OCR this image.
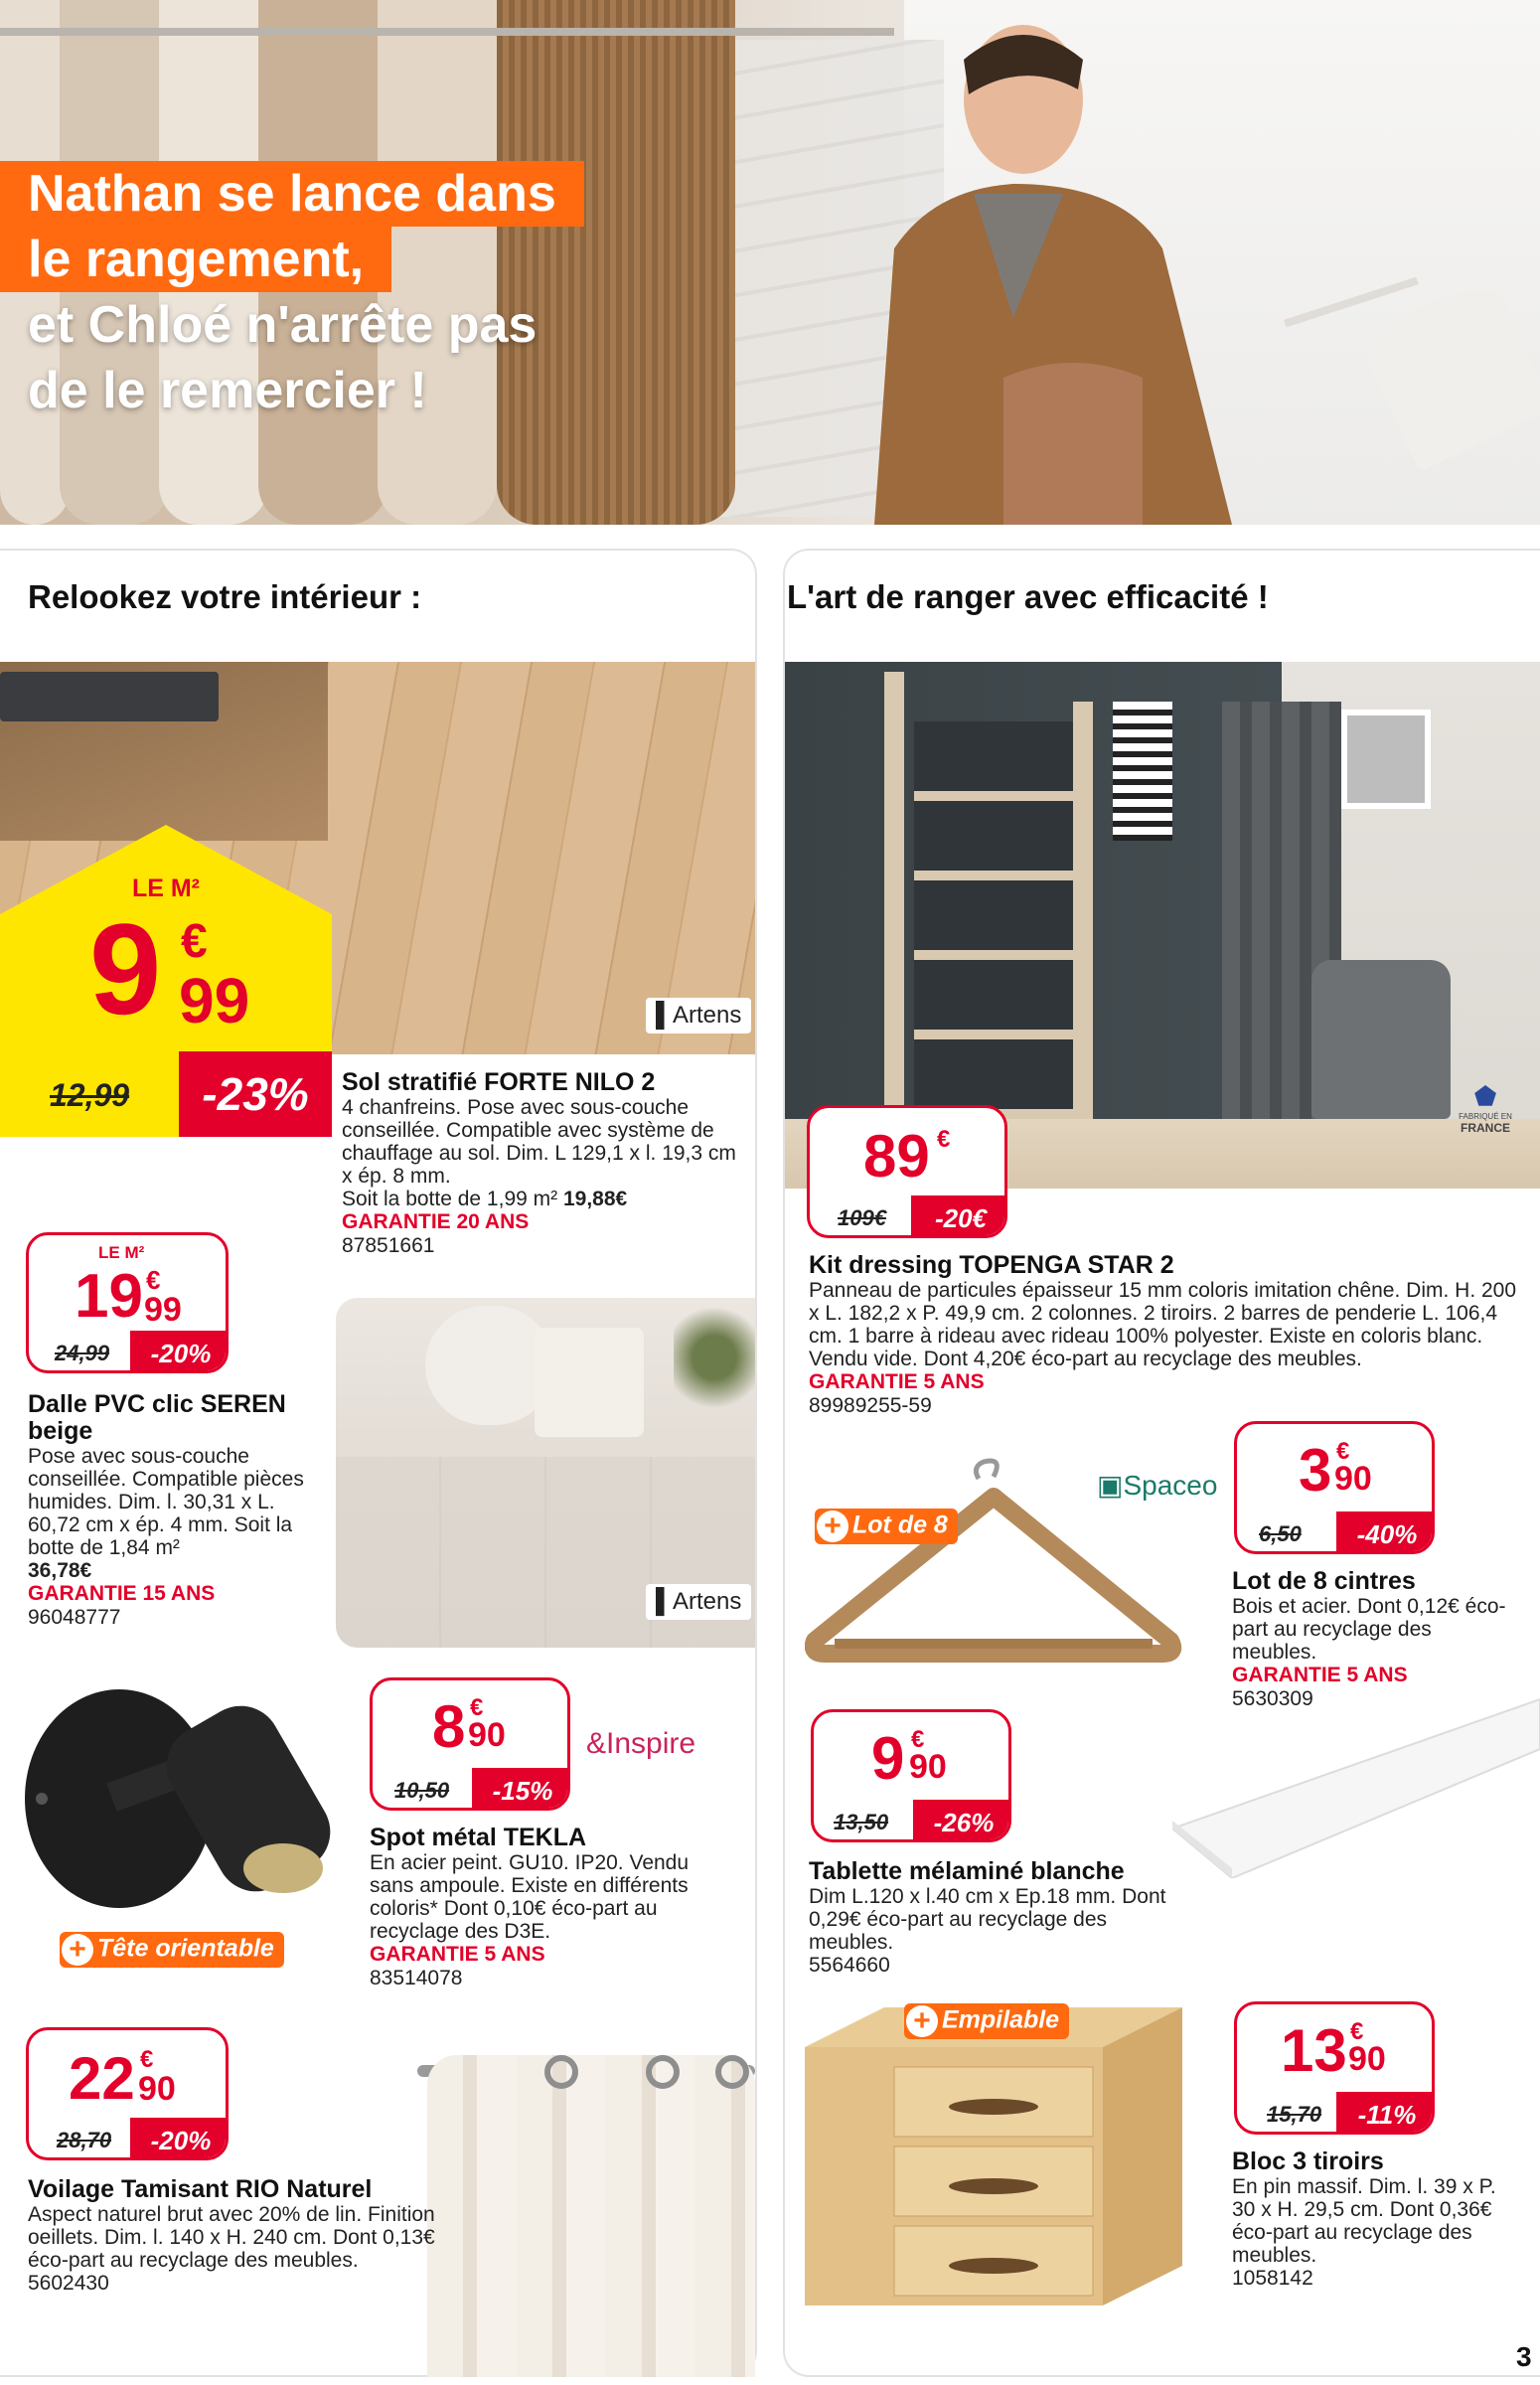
Nathan se lance dans
le rangement,
et Chloé n'arrête pas
de le remercier !
Relookez votre intérieur :
▌Artens
LE M²
9 €
99
12,99	-23%	Sol stratifié FORTE NILO 2
4 chanfreins. Pose avec sous-couche conseillée. Compatible avec système de chauffage au sol. Dim. L 129,1 x l. 19,3 cm x ép. 8 mm.
Soit la botte de 1,99 m² 19,88€
GARANTIE 20 ANS
87851661
LE M²
19 €
99
24,99	-20%
Dalle PVC clic SEREN beige
Pose avec sous-couche conseillée. Compatible pièces humides. Dim. l. 30,31 x L. 60,72 cm x ép. 4 mm. Soit la botte de 1,84 m²
36,78€
GARANTIE 15 ANS
96048777
▌Artens
+ Tête orientable
8 €
90
10,50	-15%
&Inspire
Spot métal TEKLA
En acier peint. GU10. IP20. Vendu sans ampoule. Existe en différents coloris* Dont 0,10€ éco-part au recyclage des D3E.
GARANTIE 5 ANS
83514078
22 €
90
28,70	-20%
Voilage Tamisant RIO Naturel
Aspect naturel brut avec 20% de lin. Finition oeillets. Dim. l. 140 x H. 240 cm. Dont 0,13€ éco-part au recyclage des meubles.
5602430
L'art de ranger avec efficacité !
⬟
FABRIQUÉ EN
FRANCE
89 €
109€	-20€
Kit dressing TOPENGA STAR 2
Panneau de particules épaisseur 15 mm coloris imitation chêne. Dim. H. 200 x L. 182,2 x P. 49,9 cm. 2 colonnes. 2 tiroirs. 2 barres de penderie L. 106,4 cm. 1 barre à rideau avec rideau 100% polyester. Existe en coloris blanc. Vendu vide. Dont 4,20€ éco-part au recyclage des meubles.
GARANTIE 5 ANS
89989255-59
+ Lot de 8
▣Spaceo 3 €
90
6,50	-40%
Lot de 8 cintres
Bois et acier. Dont 0,12€ éco-part au recyclage des meubles.
GARANTIE 5 ANS
5630309
9 €
90
13,50	-26%
Tablette mélaminé blanche
Dim L.120 x l.40 cm x Ep.18 mm. Dont 0,29€ éco-part au recyclage des meubles.
5564660
+ Empilable	13 €
90
15,70	-11%
Bloc 3 tiroirs
En pin massif. Dim. l. 39 x P. 30 x H. 29,5 cm. Dont 0,36€ éco-part au recyclage des meubles.
1058142
3
